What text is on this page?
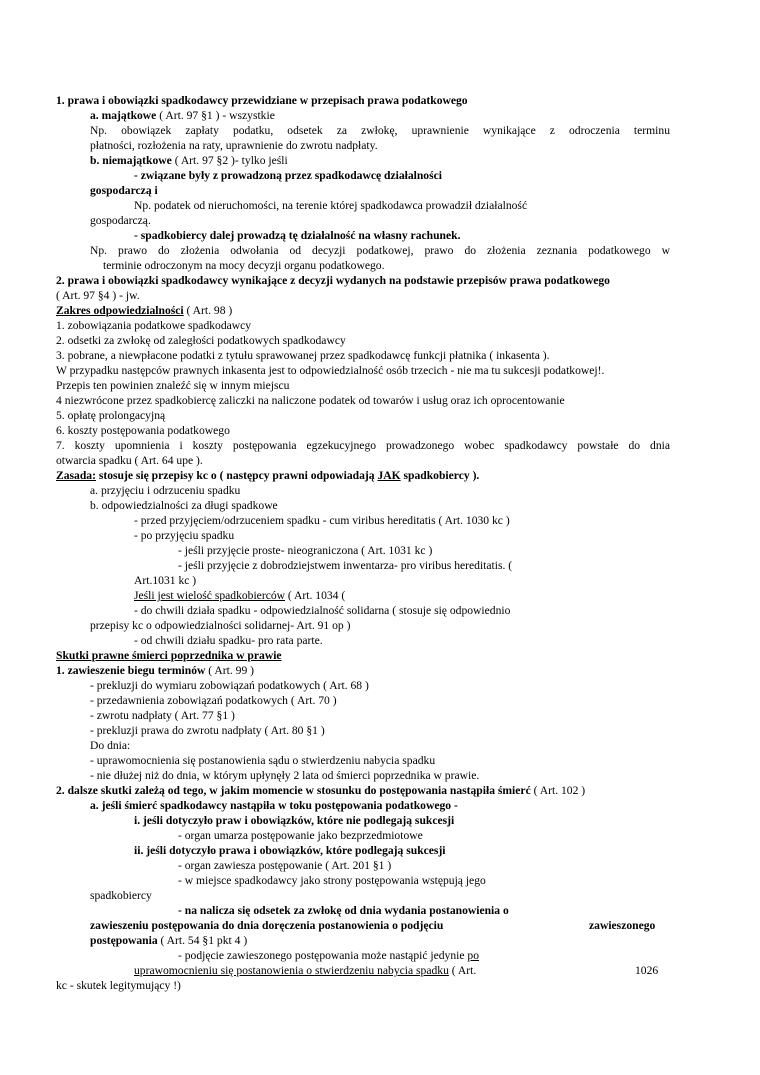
1. prawa i obowiązki spadkodawcy przewidziane w przepisach prawa podatkowego
a. majątkowe ( Art. 97 §1 ) - wszystkie
Np. obowiązek zapłaty podatku, odsetek za zwłokę, uprawnienie wynikające z odroczenia terminu
płatności, rozłożenia na raty, uprawnienie do zwrotu nadpłaty.
b. niemajątkowe ( Art. 97 §2 )- tylko jeśli
- związane były z prowadzoną przez spadkodawcę działalności
gospodarczą i
Np. podatek od nieruchomości, na terenie której spadkodawca prowadził działalność
gospodarczą.
- spadkobiercy dalej prowadzą tę działalność na własny rachunek.
Np. prawo do złożenia odwołania od decyzji podatkowej, prawo do złożenia zeznania podatkowego w
terminie odroczonym na mocy decyzji organu podatkowego.
2. prawa i obowiązki spadkodawcy wynikające z decyzji wydanych na podstawie przepisów prawa podatkowego
( Art. 97 §4 ) - jw.
Zakres odpowiedzialności ( Art. 98 )
1. zobowiązania podatkowe spadkodawcy
2. odsetki za zwłokę od zaległości podatkowych spadkodawcy
3. pobrane, a niewpłacone podatki z tytułu sprawowanej przez spadkodawcę funkcji płatnika ( inkasenta ).
W przypadku następców prawnych inkasenta jest to odpowiedzialność osób trzecich - nie ma tu sukcesji podatkowej!.
Przepis ten powinien znaleźć się w innym miejscu
4 niezwrócone przez spadkobiercę zaliczki na naliczone podatek od towarów i usług oraz ich oprocentowanie
5. opłatę prolongacyjną
6. koszty postępowania podatkowego
7. koszty upomnienia i koszty postępowania egzekucyjnego prowadzonego wobec spadkodawcy powstałe do dnia
otwarcia spadku ( Art. 64 upe ).
Zasada: stosuje się przepisy kc o ( następcy prawni odpowiadają JAK spadkobiercy ).
a. przyjęciu i odrzuceniu spadku
b. odpowiedzialności za długi spadkowe
- przed przyjęciem/odrzuceniem spadku - cum viribus hereditatis ( Art. 1030 kc )
- po przyjęciu spadku
- jeśli przyjęcie proste- nieograniczona ( Art. 1031 kc )
- jeśli przyjęcie z dobrodziejstwem inwentarza- pro viribus hereditatis. (
Art.1031 kc )
Jeśli jest wielość spadkobierców ( Art. 1034 (
- do chwili działa spadku - odpowiedzialność solidarna ( stosuje się odpowiednio
przepisy kc o odpowiedzialności solidarnej- Art. 91 op )
- od chwili działu spadku- pro rata parte.
Skutki prawne śmierci poprzednika w prawie
1. zawieszenie biegu terminów ( Art. 99 )
- prekluzji do wymiaru zobowiązań podatkowych ( Art. 68 )
- przedawnienia zobowiązań podatkowych ( Art. 70 )
- zwrotu nadpłaty ( Art. 77 §1 )
- prekluzji prawa do zwrotu nadpłaty ( Art. 80 §1 )
Do dnia:
- uprawomocnienia się postanowienia sądu o stwierdzeniu nabycia spadku
- nie dłużej niż do dnia, w którym upłynęły 2 lata od śmierci poprzednika w prawie.
2. dalsze skutki zależą od tego, w jakim momencie w stosunku do postępowania nastąpiła śmierć ( Art. 102 )
a. jeśli śmierć spadkodawcy nastąpiła w toku postępowania podatkowego -
i. jeśli dotyczyło praw i obowiązków, które nie podlegają sukcesji
- organ umarza postępowanie jako bezprzedmiotowe
ii. jeśli dotyczyło prawa i obowiązków, które podlegają sukcesji
- organ zawiesza postępowanie ( Art. 201 §1 )
- w miejsce spadkodawcy jako strony postępowania wstępują jego
spadkobiercy
- na nalicza się odsetek za zwłokę od dnia wydania postanowienia o
zawieszeniu postępowania do dnia doręczenia postanowienia o podjęciu	zawieszonego
postępowania ( Art. 54 §1 pkt 4 )
- podjęcie zawieszonego postępowania może nastąpić jedynie po
uprawomocnieniu się postanowienia o stwierdzeniu nabycia spadku ( Art.	1026
kc - skutek legitymujący !)
